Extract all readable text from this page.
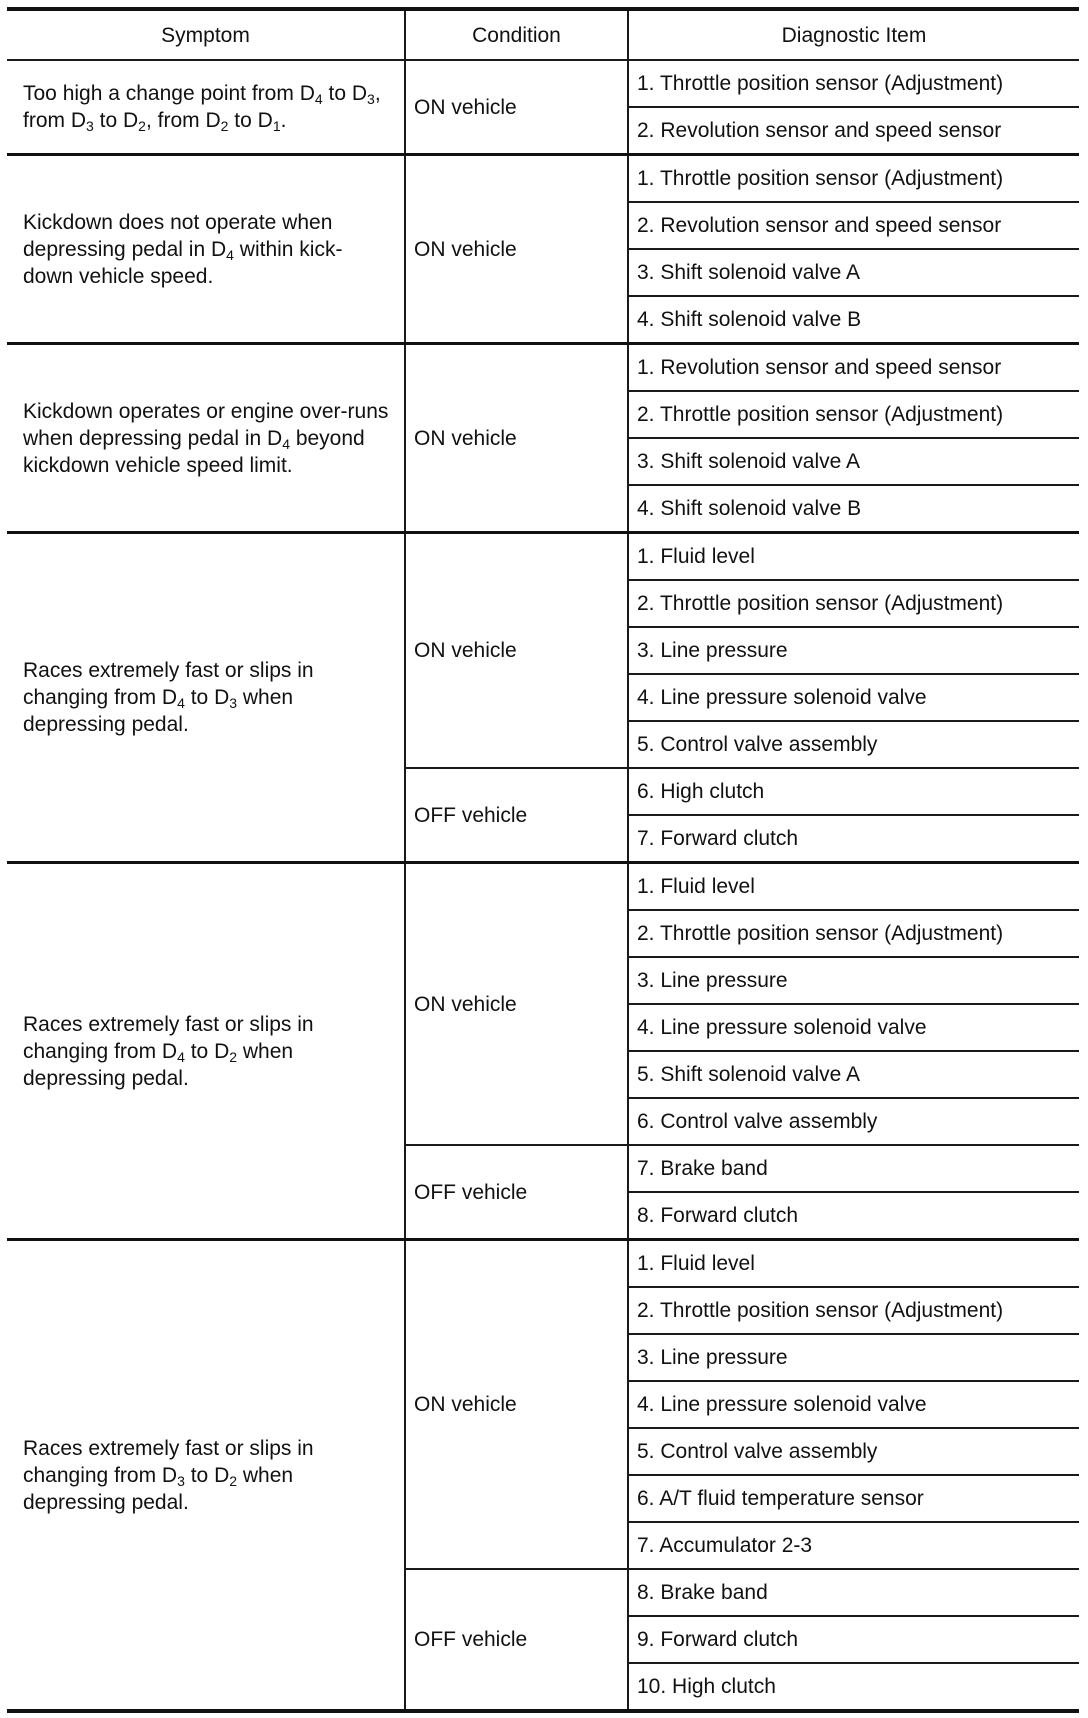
Symptom	Condition	Diagnostic Item
Too high a change point from $D_4$ to $D_3$, from $D_3$ to $D_2$, from $D_2$ to $D_1$.	ON vehicle	1. Throttle position sensor (Adjustment)
		2. Revolution sensor and speed sensor
Kickdown does not operate when depressing pedal in $D_4$ within kick-down vehicle speed.	ON vehicle	1. Throttle position sensor (Adjustment)
		2. Revolution sensor and speed sensor
		3. Shift solenoid valve A
		4. Shift solenoid valve B
Kickdown operates or engine over-runs when depressing pedal in $D_4$ beyond kickdown vehicle speed limit.	ON vehicle	1. Revolution sensor and speed sensor
		2. Throttle position sensor (Adjustment)
		3. Shift solenoid valve A
		4. Shift solenoid valve B
Races extremely fast or slips in changing from $D_4$ to $D_3$ when depressing pedal.	ON vehicle	1. Fluid level
		2. Throttle position sensor (Adjustment)
		3. Line pressure
		4. Line pressure solenoid valve
		5. Control valve assembly
	OFF vehicle	6. High clutch
		7. Forward clutch
Races extremely fast or slips in changing from $D_4$ to $D_2$ when depressing pedal.	ON vehicle	1. Fluid level
		2. Throttle position sensor (Adjustment)
		3. Line pressure
		4. Line pressure solenoid valve
		5. Shift solenoid valve A
		6. Control valve assembly
	OFF vehicle	7. Brake band
		8. Forward clutch
Races extremely fast or slips in changing from $D_3$ to $D_2$ when depressing pedal.	ON vehicle	1. Fluid level
		2. Throttle position sensor (Adjustment)
		3. Line pressure
		4. Line pressure solenoid valve
		5. Control valve assembly
		6. A/T fluid temperature sensor
		7. Accumulator 2-3
	OFF vehicle	8. Brake band
		9. Forward clutch
		10. High clutch
